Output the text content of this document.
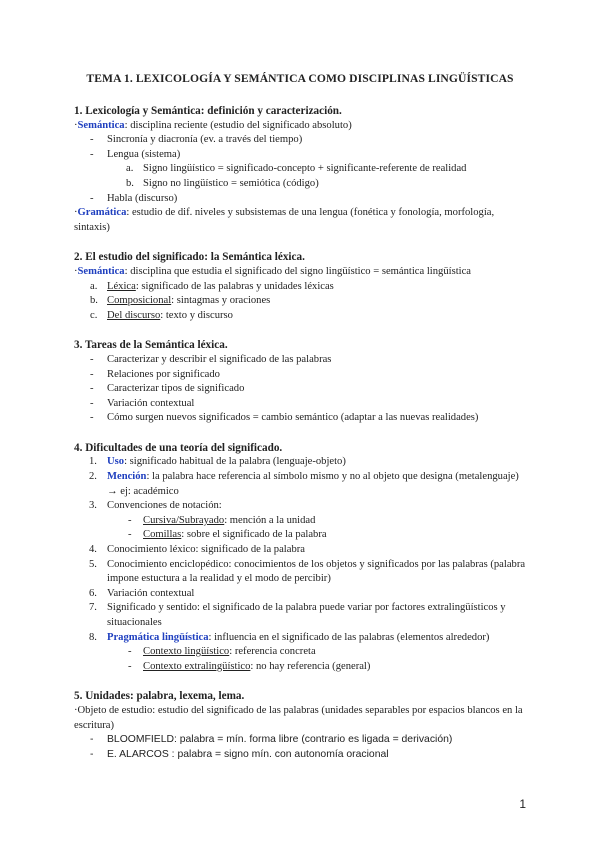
TEMA 1. LEXICOLOGÍA Y SEMÁNTICA COMO DISCIPLINAS LINGÜÍSTICAS
1. Lexicología y Semántica: definición y caracterización.
·Semántica: disciplina reciente (estudio del significado absoluto)
- Sincronía y diacronía (ev. a través del tiempo)
- Lengua (sistema)
a. Signo lingüístico = significado-concepto + significante-referente de realidad
b. Signo no lingüístico = semiótica (código)
- Habla (discurso)
·Gramática: estudio de dif. niveles y subsistemas de una lengua (fonética y fonología, morfología, sintaxis)
2. El estudio del significado: la Semántica léxica.
·Semántica: disciplina que estudia el significado del signo lingüístico = semántica lingüística
a. Léxica: significado de las palabras y unidades léxicas
b. Composicional: sintagmas y oraciones
c. Del discurso: texto y discurso
3. Tareas de la Semántica léxica.
- Caracterizar y describir el significado de las palabras
- Relaciones por significado
- Caracterizar tipos de significado
- Variación contextual
- Cómo surgen nuevos significados = cambio semántico (adaptar a las nuevas realidades)
4. Dificultades de una teoría del significado.
1. Uso: significado habitual de la palabra (lenguaje-objeto)
2. Mención: la palabra hace referencia al símbolo mismo y no al objeto que designa (metalenguaje) → ej: académico
3. Convenciones de notación:
- Cursiva/Subrayado: mención a la unidad
- Comillas: sobre el significado de la palabra
4. Conocimiento léxico: significado de la palabra
5. Conocimiento enciclopédico: conocimientos de los objetos y significados por las palabras (palabra impone estuctura a la realidad y el modo de percibir)
6. Variación contextual
7. Significado y sentido: el significado de la palabra puede variar por factores extralingüísticos y situacionales
8. Pragmática lingüística: influencia en el significado de las palabras (elementos alrededor)
- Contexto lingüístico: referencia concreta
- Contexto extralingüístico: no hay referencia (general)
5. Unidades: palabra, lexema, lema.
·Objeto de estudio: estudio del significado de las palabras (unidades separables por espacios blancos en la escritura)
- BLOOMFIELD: palabra = mín. forma libre (contrario es ligada = derivación)
- E. ALARCOS : palabra = signo mín. con autonomía oracional
1
